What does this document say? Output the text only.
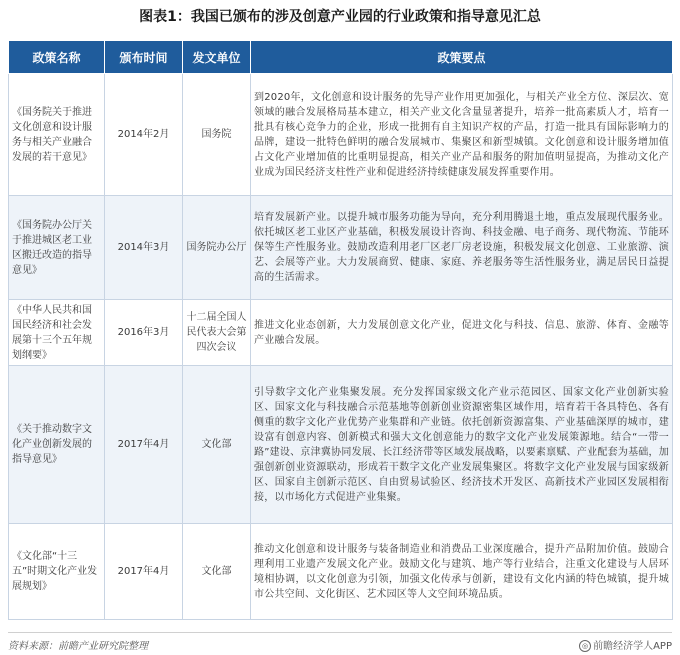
图表1：我国已颁布的涉及创意产业园的行业政策和指导意见汇总
政策名称	颁布时间	发文单位	政策要点
《国务院关于推进文化创意和设计服务与相关产业融合发展的若干意见》	2014年2月	国务院	到2020年，文化创意和设计服务的先导产业作用更加强化，与相关产业全方位、深层次、宽领域的融合发展格局基本建立，相关产业文化含量显著提升，培养一批高素质人才，培育一批具有核心竞争力的企业，形成一批拥有自主知识产权的产品，打造一批具有国际影响力的品牌，建设一批特色鲜明的融合发展城市、集聚区和新型城镇。文化创意和设计服务增加值占文化产业增加值的比重明显提高，相关产业产品和服务的附加值明显提高，为推动文化产业成为国民经济支柱性产业和促进经济持续健康发展发挥重要作用。
《国务院办公厅关于推进城区老工业区搬迁改造的指导意见》	2014年3月	国务院办公厅	培育发展新产业。以提升城市服务功能为导向，充分利用腾退土地，重点发展现代服务业。依托城区老工业区产业基础，积极发展设计咨询、科技金融、电子商务、现代物流、节能环保等生产性服务业。鼓励改造利用老厂区老厂房老设施，积极发展文化创意、工业旅游、演艺、会展等产业。大力发展商贸、健康、家庭、养老服务等生活性服务业，满足居民日益提高的生活需求。
《中华人民共和国国民经济和社会发展第十三个五年规划纲要》	2016年3月	十二届全国人民代表大会第四次会议	推进文化业态创新，大力发展创意文化产业，促进文化与科技、信息、旅游、体育、金融等产业融合发展。
《关于推动数字文化产业创新发展的指导意见》	2017年4月	文化部	引导数字文化产业集聚发展。充分发挥国家级文化产业示范园区、国家文化产业创新实验区、国家文化与科技融合示范基地等创新创业资源密集区域作用，培育若干各具特色、各有侧重的数字文化产业优势产业集群和产业链。依托创新资源富集、产业基础深厚的城市，建设富有创意内容、创新模式和强大文化创意能力的数字文化产业发展策源地。结合“一带一路”建设、京津冀协同发展、长江经济带等区域发展战略，以要素禀赋、产业配套为基础，加强创新创业资源联动，形成若干数字文化产业发展集聚区。将数字文化产业发展与国家级新区、国家自主创新示范区、自由贸易试验区、经济技术开发区、高新技术产业园区发展相衔接，以市场化方式促进产业集聚。
《文化部“十三五”时期文化产业发展规划》	2017年4月	文化部	推动文化创意和设计服务与装备制造业和消费品工业深度融合，提升产品附加价值。鼓励合理利用工业遗产发展文化产业。鼓励文化与建筑、地产等行业结合，注重文化建设与人居环境相协调，以文化创意为引领，加强文化传承与创新，建设有文化内涵的特色城镇，提升城市公共空间、文化街区、艺术园区等人文空间环境品质。
资料来源：前瞻产业研究院整理	◎ 前瞻经济学人APP
